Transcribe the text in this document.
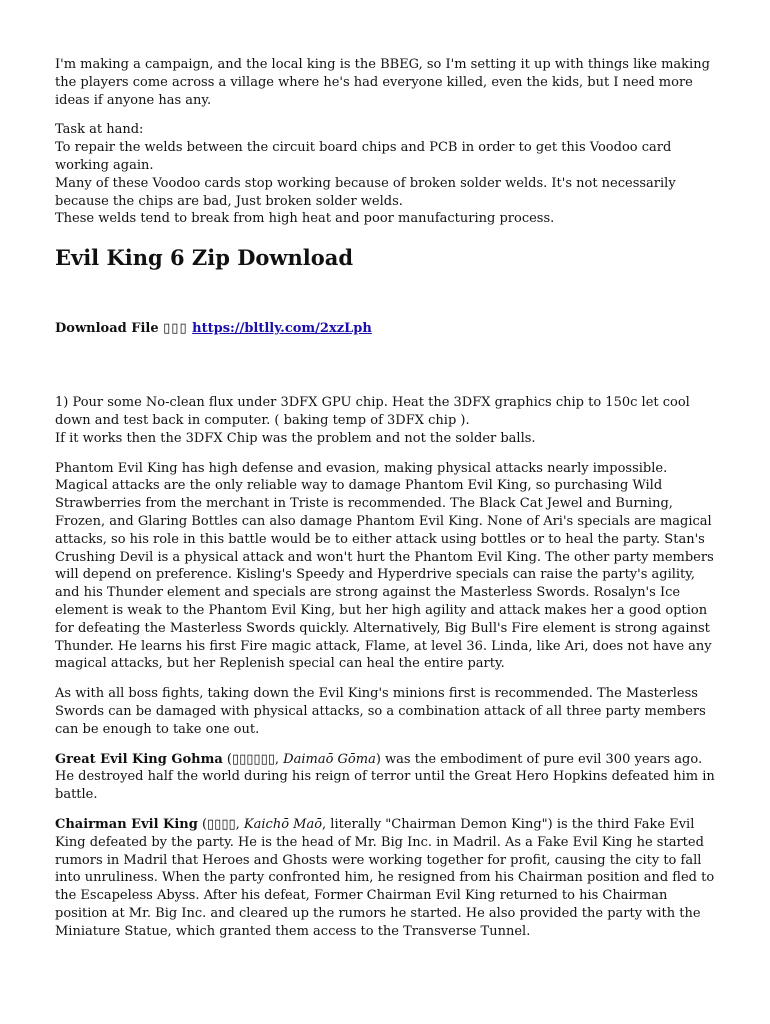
I'm making a campaign, and the local king is the BBEG, so I'm setting it up with things like making the players come across a village where he's had everyone killed, even the kids, but I need more ideas if anyone has any.

Task at hand:

To repair the welds between the circuit board chips and PCB in order to get this Voodoo card working again.

Many of these Voodoo cards stop working because of broken solder welds. It's not necessarily because the chips are bad, Just broken solder welds.

These welds tend to break from high heat and poor manufacturing process.

Evil King 6 Zip Download
Download File ▯▯▯ https://bltlly.com/2xzLph

1) Pour some No-clean flux under 3DFX GPU chip. Heat the 3DFX graphics chip to 150c let cool down and test back in computer. ( baking temp of 3DFX chip ).

If it works then the 3DFX Chip was the problem and not the solder balls.

Phantom Evil King has high defense and evasion, making physical attacks nearly impossible. Magical attacks are the only reliable way to damage Phantom Evil King, so purchasing Wild Strawberries from the merchant in Triste is recommended. The Black Cat Jewel and Burning, Frozen, and Glaring Bottles can also damage Phantom Evil King. None of Ari's specials are magical attacks, so his role in this battle would be to either attack using bottles or to heal the party. Stan's Crushing Devil is a physical attack and won't hurt the Phantom Evil King. The other party members will depend on preference. Kisling's Speedy and Hyperdrive specials can raise the party's agility, and his Thunder element and specials are strong against the Masterless Swords. Rosalyn's Ice element is weak to the Phantom Evil King, but her high agility and attack makes her a good option for defeating the Masterless Swords quickly. Alternatively, Big Bull's Fire element is strong against Thunder. He learns his first Fire magic attack, Flame, at level 36. Linda, like Ari, does not have any magical attacks, but her Replenish special can heal the entire party.

As with all boss fights, taking down the Evil King's minions first is recommended. The Masterless Swords can be damaged with physical attacks, so a combination attack of all three party members can be enough to take one out.

Great Evil King Gohma (▯▯▯▯▯▯, Daimaō Gōma) was the embodiment of pure evil 300 years ago. He destroyed half the world during his reign of terror until the Great Hero Hopkins defeated him in battle.

Chairman Evil King (▯▯▯▯, Kaichō Maō, literally "Chairman Demon King") is the third Fake Evil King defeated by the party. He is the head of Mr. Big Inc. in Madril. As a Fake Evil King he started rumors in Madril that Heroes and Ghosts were working together for profit, causing the city to fall into unruliness. When the party confronted him, he resigned from his Chairman position and fled to the Escapeless Abyss. After his defeat, Former Chairman Evil King returned to his Chairman position at Mr. Big Inc. and cleared up the rumors he started. He also provided the party with the Miniature Statue, which granted them access to the Transverse Tunnel.
